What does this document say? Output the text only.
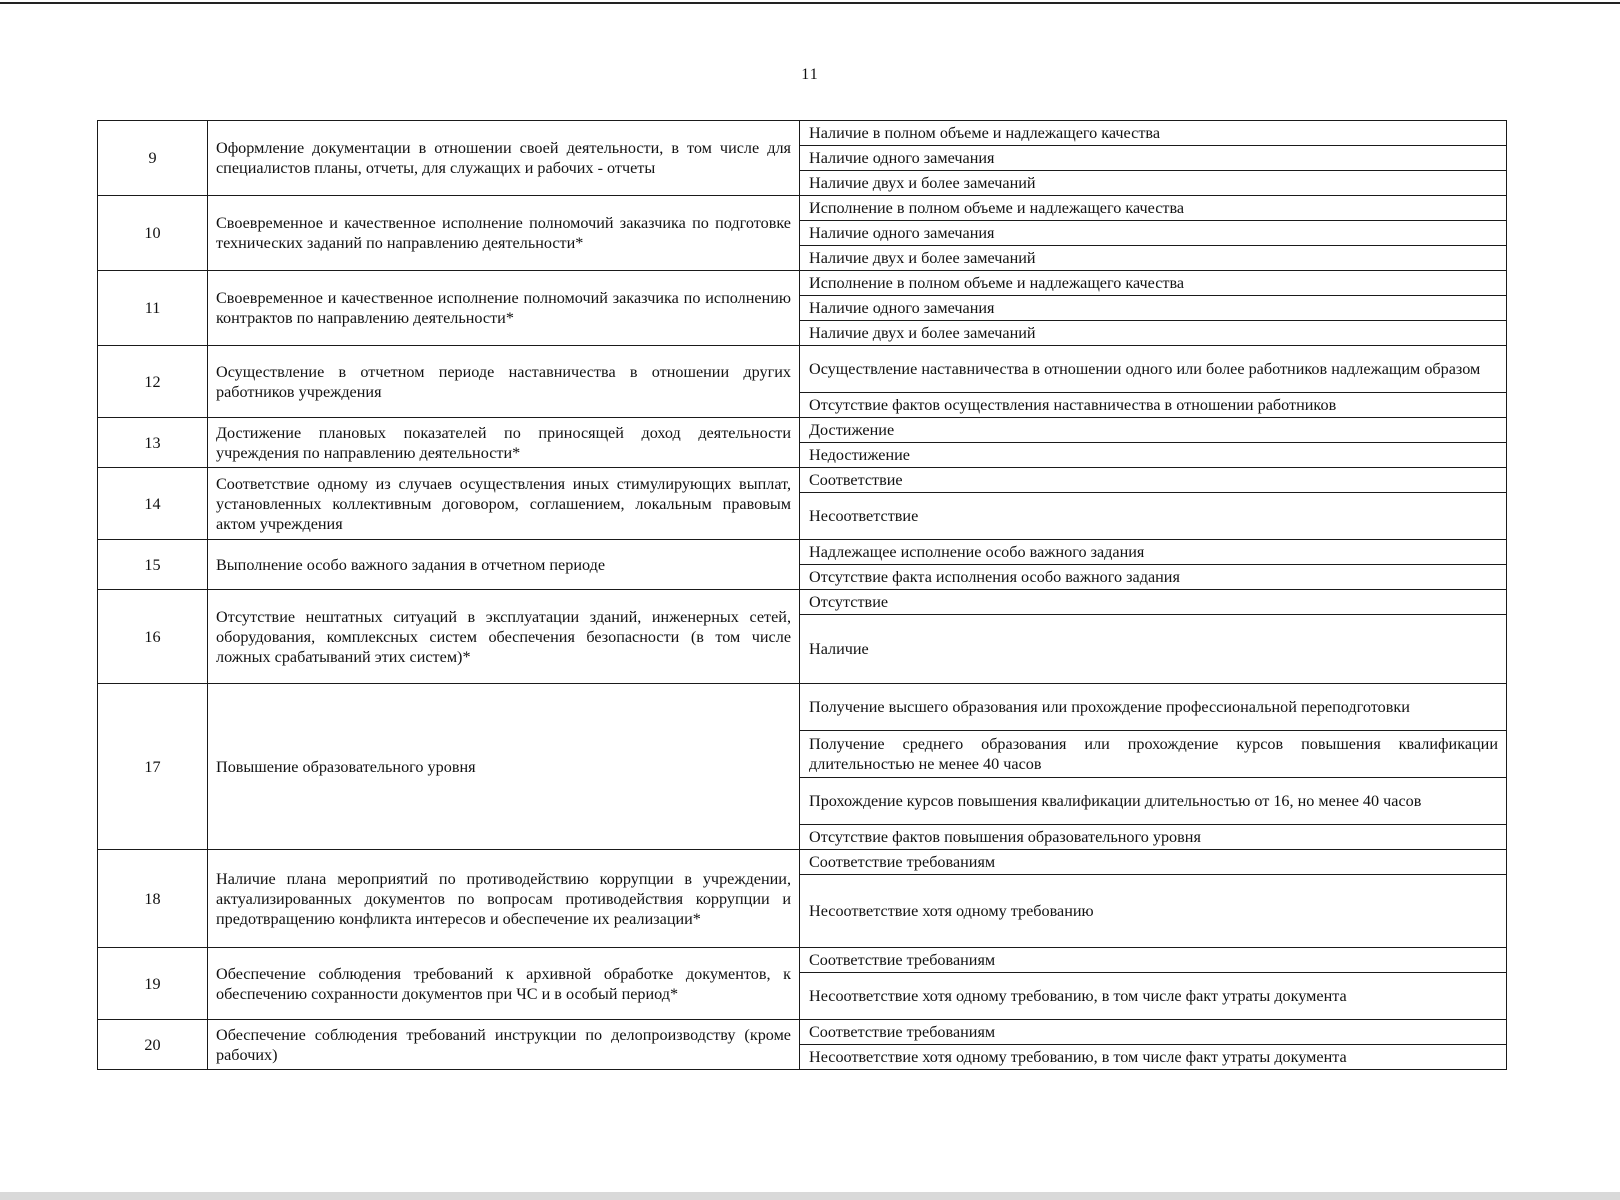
11
9	Оформление документации в отношении своей деятельности, в том числе для специалистов планы, отчеты, для служащих и рабочих - отчеты	Наличие в полном объеме и надлежащего качества
Наличие одного замечания
Наличие двух и более замечаний

10	Своевременное и качественное исполнение полномочий заказчика по подготовке технических заданий по направлению деятельности*	Исполнение в полном объеме и надлежащего качества
Наличие одного замечания
Наличие двух и более замечаний

11	Своевременное и качественное исполнение полномочий заказчика по исполнению контрактов по направлению деятельности*	Исполнение в полном объеме и надлежащего качества
Наличие одного замечания
Наличие двух и более замечаний

12	Осуществление в отчетном периоде наставничества в отношении других работников учреждения	Осуществление наставничества в отношении одного или более работников надлежащим образом
Отсутствие фактов осуществления наставничества в отношении работников

13	Достижение плановых показателей по приносящей доход деятельности учреждения по направлению деятельности*	Достижение
Недостижение

14	Соответствие одному из случаев осуществления иных стимулирующих выплат, установленных коллективным договором, соглашением, локальным правовым актом учреждения	Соответствие
Несоответствие

15	Выполнение особо важного задания в отчетном периоде	Надлежащее исполнение особо важного задания
Отсутствие факта исполнения особо важного задания

16	Отсутствие нештатных ситуаций в эксплуатации зданий, инженерных сетей, оборудования, комплексных систем обеспечения безопасности (в том числе ложных срабатываний этих систем)*	Отсутствие
Наличие

17	Повышение образовательного уровня	Получение высшего образования или прохождение профессиональной переподготовки
Получение среднего образования или прохождение курсов повышения квалификации длительностью не менее 40 часов
Прохождение курсов повышения квалификации длительностью от 16, но менее 40 часов
Отсутствие фактов повышения образовательного уровня

18	Наличие плана мероприятий по противодействию коррупции в учреждении, актуализированных документов по вопросам противодействия коррупции и предотвращению конфликта интересов и обеспечение их реализации*	Соответствие требованиям
Несоответствие хотя одному требованию

19	Обеспечение соблюдения требований к архивной обработке документов, к обеспечению сохранности документов при ЧС и в особый период*	Соответствие требованиям
Несоответствие хотя одному требованию, в том числе факт утраты документа

20	Обеспечение соблюдения требований инструкции по делопроизводству (кроме рабочих)	Соответствие требованиям
Несоответствие хотя одному требованию, в том числе факт утраты документа
